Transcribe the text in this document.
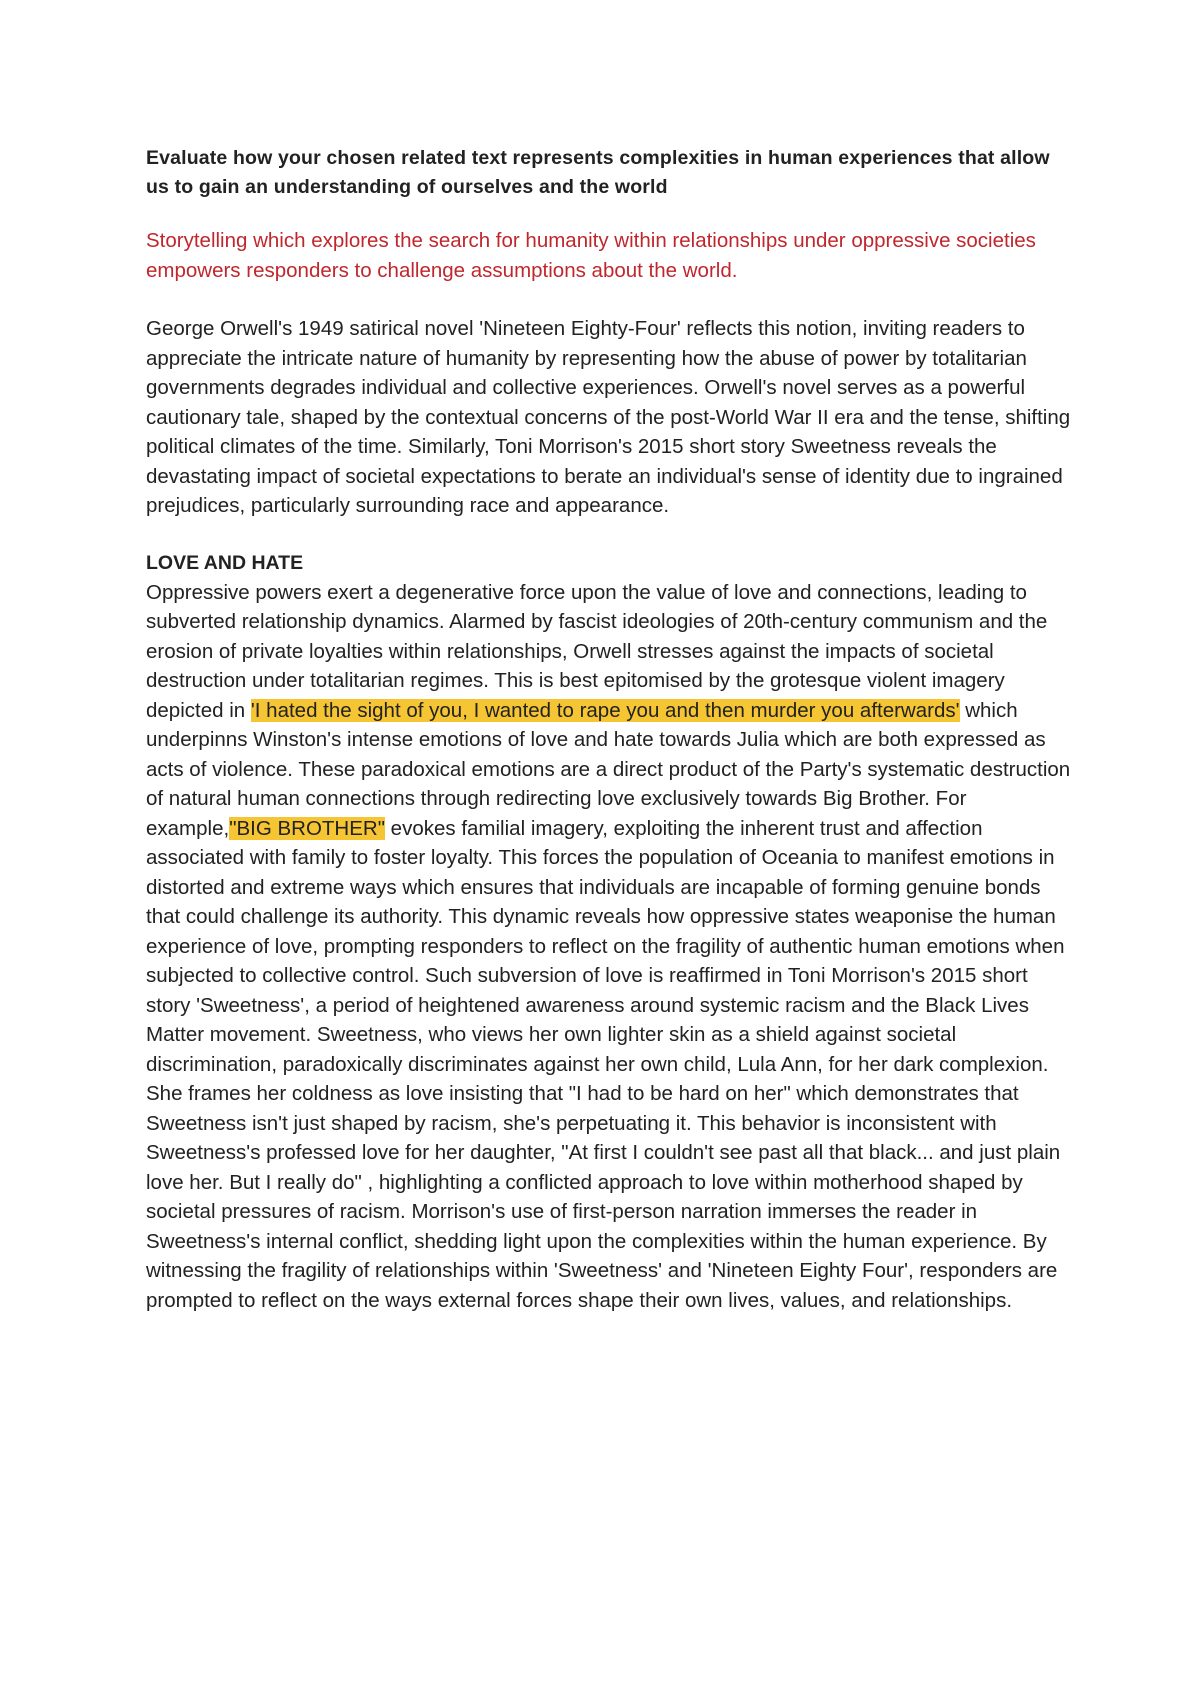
Evaluate how your chosen related text represents complexities in human experiences that allow us to gain an understanding of ourselves and the world

Storytelling which explores the search for humanity within relationships under oppressive societies empowers responders to challenge assumptions about the world.

George Orwell's 1949 satirical novel 'Nineteen Eighty-Four' reflects this notion, inviting readers to appreciate the intricate nature of humanity by representing how the abuse of power by totalitarian governments degrades individual and collective experiences. Orwell's novel serves as a powerful cautionary tale, shaped by the contextual concerns of the post-World War II era and the tense, shifting political climates of the time. Similarly, Toni Morrison's 2015 short story Sweetness reveals the devastating impact of societal expectations to berate an individual's sense of identity due to ingrained prejudices, particularly surrounding race and appearance.

LOVE AND HATE

Oppressive powers exert a degenerative force upon the value of love and connections, leading to subverted relationship dynamics. Alarmed by fascist ideologies of 20th-century communism and the erosion of private loyalties within relationships, Orwell stresses against the impacts of societal destruction under totalitarian regimes. This is best epitomised by the grotesque violent imagery depicted in 'I hated the sight of you, I wanted to rape you and then murder you afterwards' which underpinns Winston's intense emotions of love and hate towards Julia which are both expressed as acts of violence. These paradoxical emotions are a direct product of the Party's systematic destruction of natural human connections through redirecting love exclusively towards Big Brother. For example,"BIG BROTHER" evokes familial imagery, exploiting the inherent trust and affection associated with family to foster loyalty. This forces the population of Oceania to manifest emotions in distorted and extreme ways which ensures that individuals are incapable of forming genuine bonds that could challenge its authority. This dynamic reveals how oppressive states weaponise the human experience of love, prompting responders to reflect on the fragility of authentic human emotions when subjected to collective control. Such subversion of love is reaffirmed in Toni Morrison's 2015 short story 'Sweetness', a period of heightened awareness around systemic racism and the Black Lives Matter movement. Sweetness, who views her own lighter skin as a shield against societal discrimination, paradoxically discriminates against her own child, Lula Ann, for her dark complexion. She frames her coldness as love insisting that "I had to be hard on her" which demonstrates that Sweetness isn't just shaped by racism, she's perpetuating it. This behavior is inconsistent with Sweetness's professed love for her daughter, "At first I couldn't see past all that black... and just plain love her. But I really do" , highlighting a conflicted approach to love within motherhood shaped by societal pressures of racism. Morrison's use of first-person narration immerses the reader in Sweetness's internal conflict, shedding light upon the complexities within the human experience. By witnessing the fragility of relationships within 'Sweetness' and 'Nineteen Eighty Four', responders are prompted to reflect on the ways external forces shape their own lives, values, and relationships.
